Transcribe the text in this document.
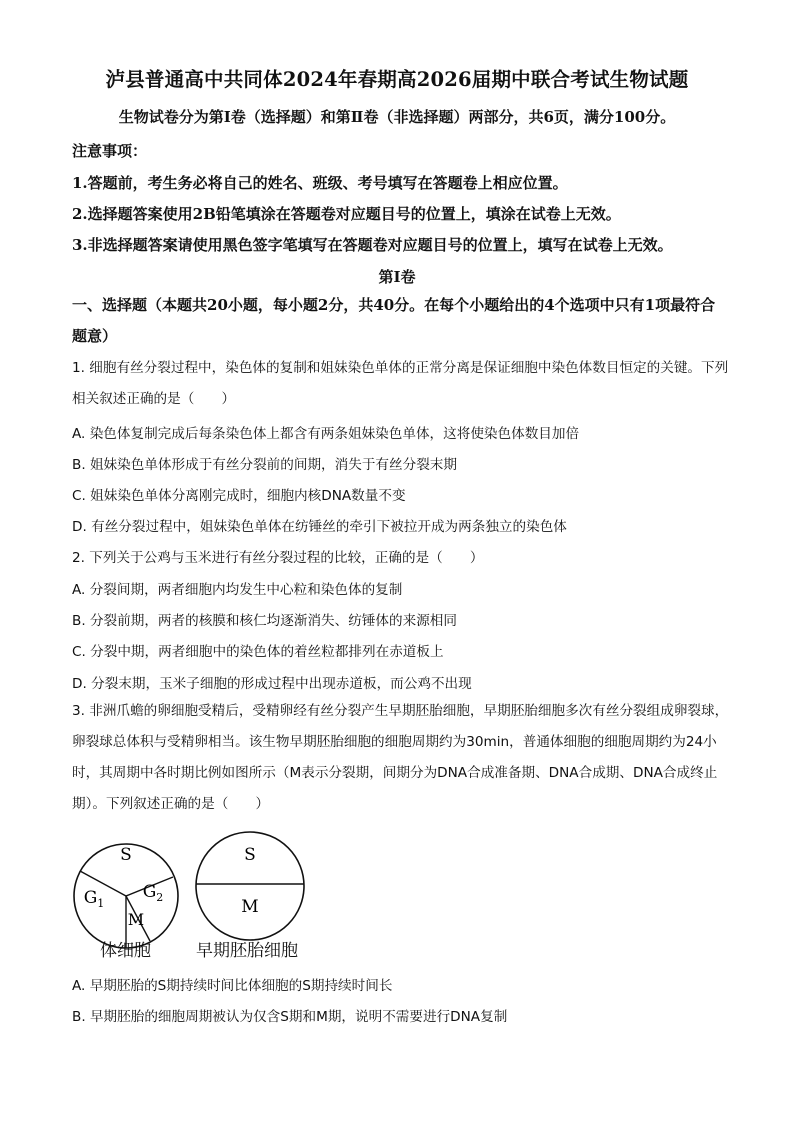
泸县普通高中共同体2024年春期高2026届期中联合考试生物试题
生物试卷分为第Ⅰ卷（选择题）和第Ⅱ卷（非选择题）两部分，共6页，满分100分。
注意事项：
1.答题前，考生务必将自己的姓名、班级、考号填写在答题卷上相应位置。
2.选择题答案使用2B铅笔填涂在答题卷对应题目号的位置上，填涂在试卷上无效。
3.非选择题答案请使用黑色签字笔填写在答题卷对应题目号的位置上，填写在试卷上无效。
第Ⅰ卷
一、选择题（本题共20小题，每小题2分，共40分。在每个小题给出的4个选项中只有1项最符合题意）
1. 细胞有丝分裂过程中，染色体的复制和姐妹染色单体的正常分离是保证细胞中染色体数目恒定的关键。下列相关叙述正确的是（　　）
A. 染色体复制完成后每条染色体上都含有两条姐妹染色单体，这将使染色体数目加倍
B. 姐妹染色单体形成于有丝分裂前的间期，消失于有丝分裂末期
C. 姐妹染色单体分离刚完成时，细胞内核DNA数量不变
D. 有丝分裂过程中，姐妹染色单体在纺锤丝的牵引下被拉开成为两条独立的染色体
2. 下列关于公鸡与玉米进行有丝分裂过程的比较，正确的是（　　）
A. 分裂间期，两者细胞内均发生中心粒和染色体的复制
B. 分裂前期，两者的核膜和核仁均逐渐消失、纺锤体的来源相同
C. 分裂中期，两者细胞中的染色体的着丝粒都排列在赤道板上
D. 分裂末期，玉米子细胞的形成过程中出现赤道板，而公鸡不出现
3. 非洲爪蟾的卵细胞受精后，受精卵经有丝分裂产生早期胚胎细胞，早期胚胎细胞多次有丝分裂组成卵裂球，卵裂球总体积与受精卵相当。该生物早期胚胎细胞的细胞周期约为30min，普通体细胞的细胞周期约为24小时，其周期中各时期比例如图所示（M表示分裂期，间期分为DNA合成准备期、DNA合成期、DNA合成终止期）。下列叙述正确的是（　　）
S
$G_1$
$G_2$
M
S
M
体细胞	早期胚胎细胞
A. 早期胚胎的S期持续时间比体细胞的S期持续时间长
B. 早期胚胎的细胞周期被认为仅含S期和M期，说明不需要进行DNA复制
